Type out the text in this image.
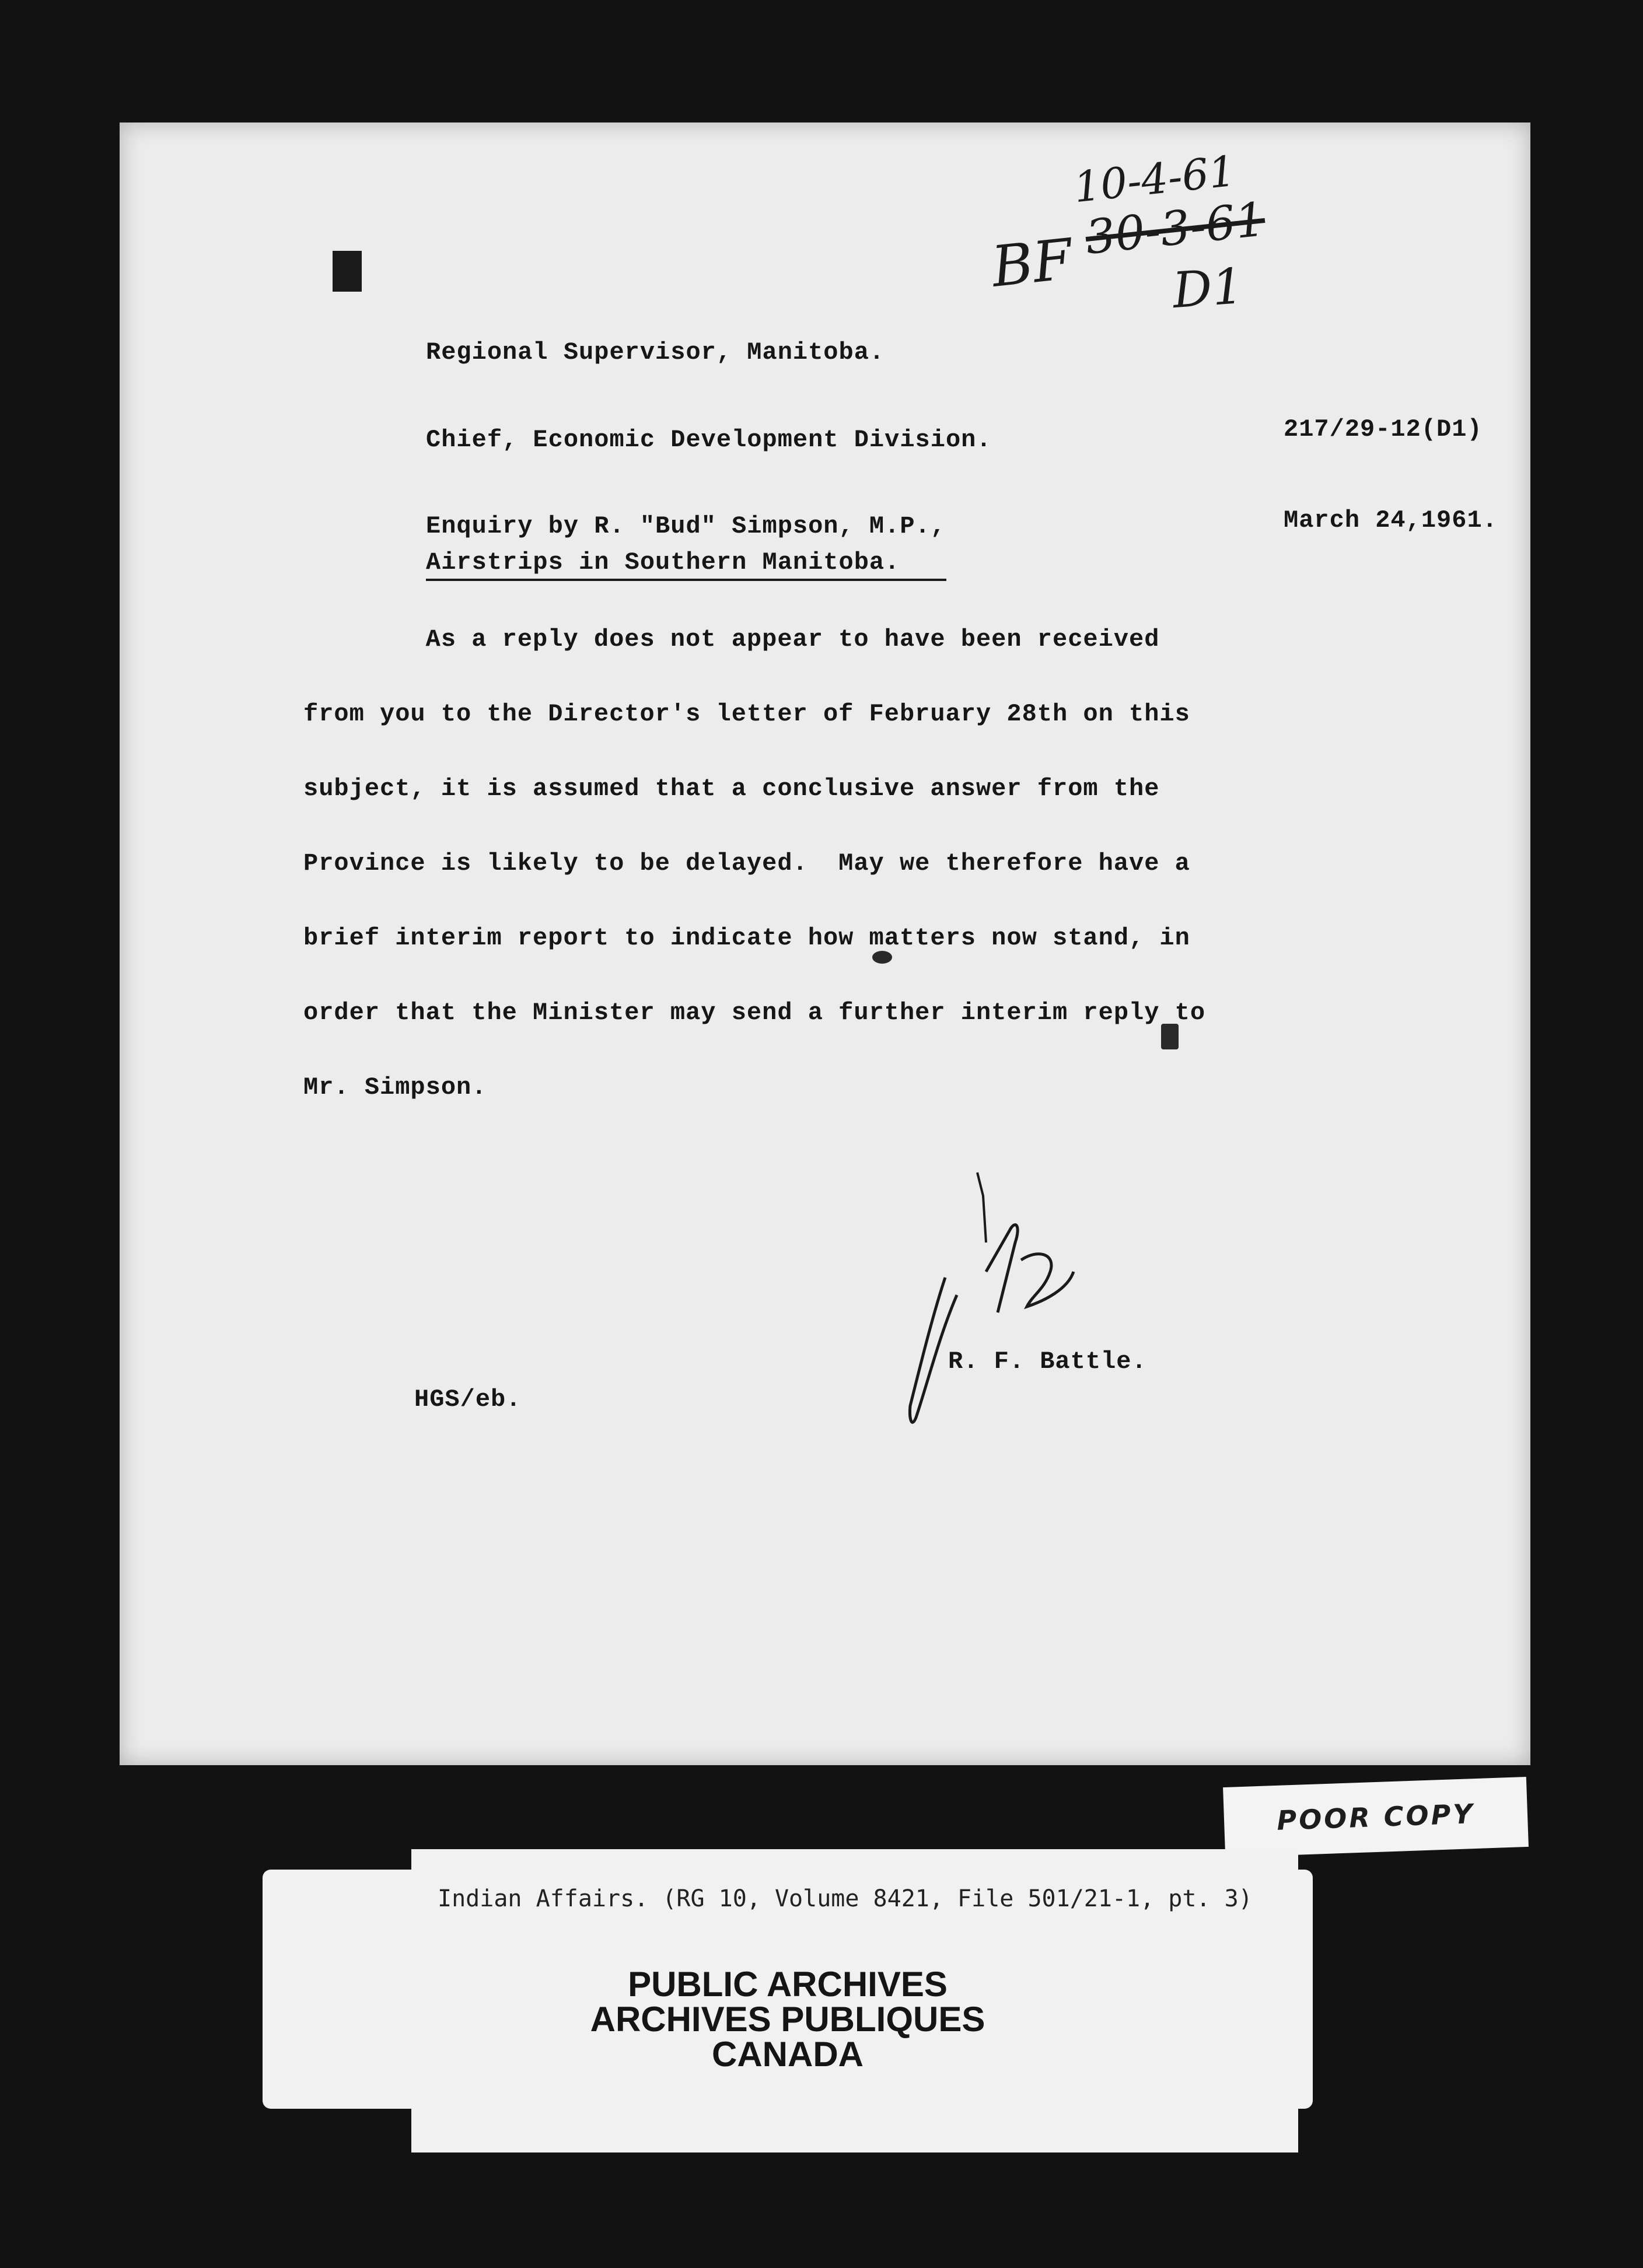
10-4-61
BF 30-3-61
D1
Regional Supervisor, Manitoba.
Chief, Economic Development Division.	217/29-12(D1)
Enquiry by R. "Bud" Simpson, M.P.,
Airstrips in Southern Manitoba.
March 24,1961.

As a reply does not appear to have been received

from you to the Director's letter of February 28th on this

subject, it is assumed that a conclusive answer from the

Province is likely to be delayed.  May we therefore have a

brief interim report to indicate how matters now stand, in

order that the Minister may send a further interim reply to

Mr. Simpson.

R. F. Battle.
HGS/eb.
POOR COPY
Indian Affairs. (RG 10, Volume 8421, File 501/21-1, pt. 3)
PUBLIC ARCHIVES
ARCHIVES PUBLIQUES
CANADA
